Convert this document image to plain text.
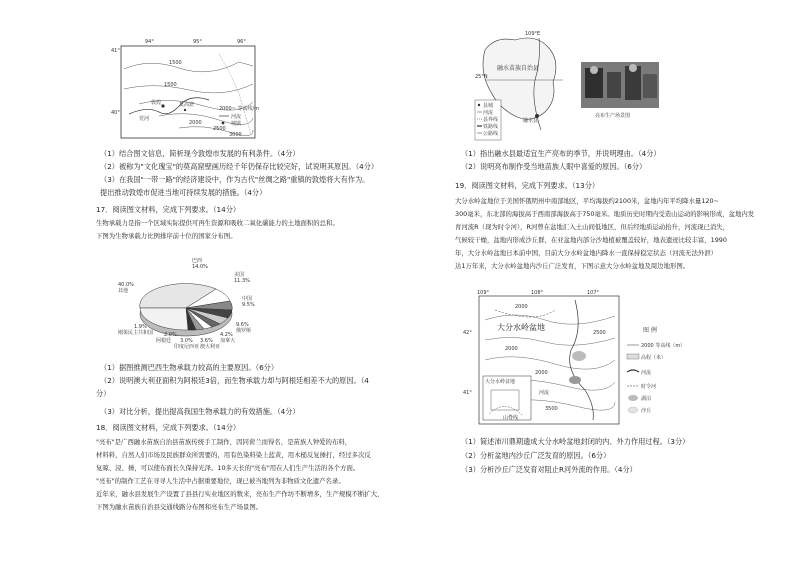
94°	95°	96°
41°
40°
1500
1500
2000
2500
3000
敦煌	莫高窟
党河
2000~ 等高线/m
河流
城镇
（1）结合图文信息，简析现今敦煌市发展的有利条件。（4分）
（2）被称为"文化瑰宝"的莫高窟壁画历经千年仍保存比较完好，试说明其原因。（4分）
（3）在我国"一带一路"的经济建设中，作为古代"丝绸之路"重镇的敦煌将大有作为。
提出推动敦煌市促进当地可持续发展的措施。（4分）
17．阅读图文材料，完成下列要求。（14分）
生物承载力是指一个区域实际提供可再生资源和吸收二氧化碳能力的土地面积的总和。
下图为生物承载力比例排序前十位的国家分布图。
巴西
14.0%
美国
11.3%
中国
9.5%
9.6%
俄罗斯
4.2%
加拿大
3.6%
澳大利亚
3.0%
印度尼西亚
2.0%
阿根廷
1.9%
刚果民主共和国
40.0%
其他
（1）据图推测巴西生物承载力较高的主要原因。（6分）
（2）说明澳大利亚面积为阿根廷3倍，而生物承载力却与阿根廷相差不大的原因。（4
分）
（3）对比分析，提出提高我国生物承载力的有效措施。（4分）
18．阅读图文材料，完成下列要求。（14分）
"亮布"是广西融水苗族自治县苗族传统手工制作，因同荷兰而得名，是苗族人钟爱的布料，
材料料，自然人们市场及民族群众所需要的，用有色染料染上蓝黄，用木槌反复捶打，经过多次反
复晾、浸、捶，可以使布面长久保持光泽。10多天长的"亮布"用在人们生产生活的各个方面。
"亮布"的制作工艺在寻寻人生活中占据重要地位，现已被当地列为非物质文化遗产名录。
近年来，融水县发展生产设置了县县行实业地区的数来，亮布生产作坊不断增多，生产规模不断扩大，
下图为融水苗族自治县交通线路分布图和亮布生产场景图。
109°E
25°N
融水苗族自治县
融水县
县城
河流
县界线
铁路线
公路线
亮布生产场景图
（1）指出融水县最适宜生产亮布的季节，并说明理由。（4分）
（2）说明亮布制作受当地苗族人眼中喜爱的原因。（6分）
19．阅读图文材料，完成下列要求。（13分）
大分水岭盆地位于美国怀俄明州中南部地区，平均海拔约2100米，盆地内年平均降水量120~
300毫米，东北部的海拔高于西南部海拔高于750毫米。地质历史时期内受造山运动的影响形成，盆地内发
育河流R（现为时令河），R河曾在盆地汇入土山间低地区，但后经地质运动抬升，河流现已消失，
气候较干燥，盆地内形成沙丘群，在亚盆地内部分沙地植被覆盖较好，地表遗迹比较丰富，1990
年，大分水岭盆地日本前中国，目前大分水岭盆地内降水一直保持稳定状态（河流无法外泄）
达1万年来，大分水岭盆地内沙丘广泛发育，下图示意大分水岭盆地及周边地形图。
109°	108°	107°
42°
41°
大分水岭盆地
2000
2000
2000
3500
2500
河流
大分水岭盆地
山脊线
图 例
2000 等高线（m）
高程（米）
河流
时令河
湖泊
沙丘
（1）简述沛川鼎期遗成大分水岭盆地封闭的内、外力作用过程。（3分）
（2）分析盆地内沙丘广泛发育的原因。（6分）
（3）分析沙丘广泛发育对阻止R河外流的作用。（4分）
